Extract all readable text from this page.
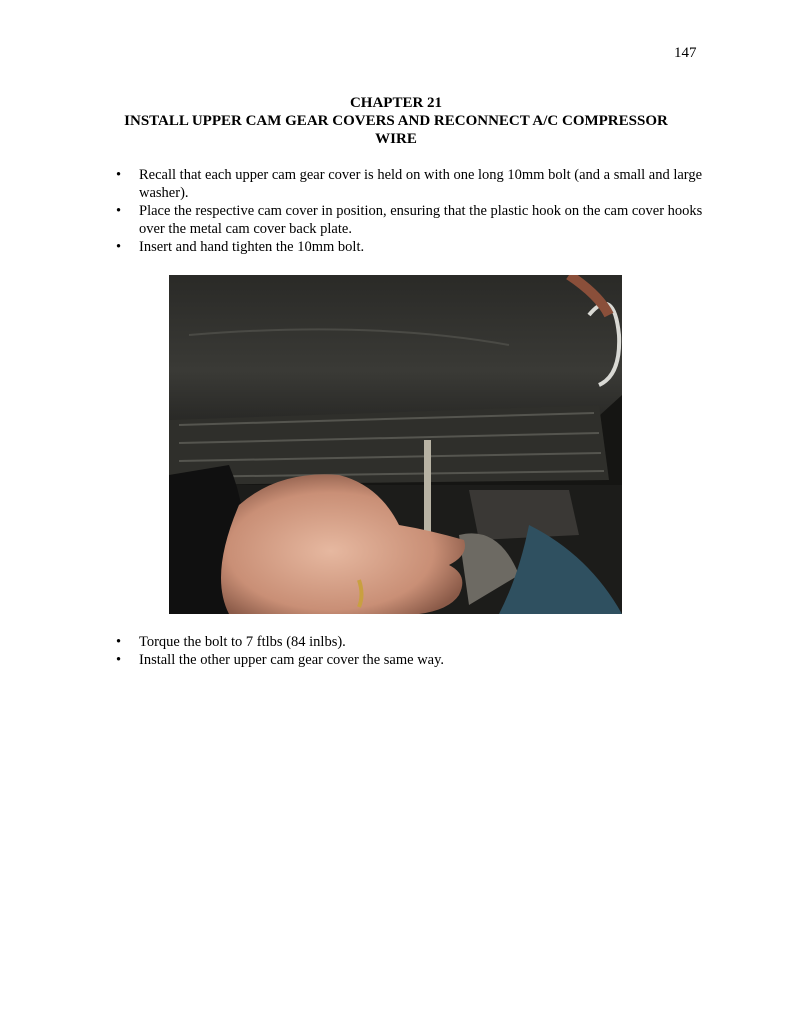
147
CHAPTER 21
INSTALL UPPER CAM GEAR COVERS AND RECONNECT A/C COMPRESSOR
WIRE
• Recall that each upper cam gear cover is held on with one long 10mm bolt (and a small and large washer).
• Place the respective cam cover in position, ensuring that the plastic hook on the cam cover hooks over the metal cam cover back plate.
• Insert and hand tighten the 10mm bolt.
• Torque the bolt to 7 ftlbs (84 inlbs).
• Install the other upper cam gear cover the same way.
